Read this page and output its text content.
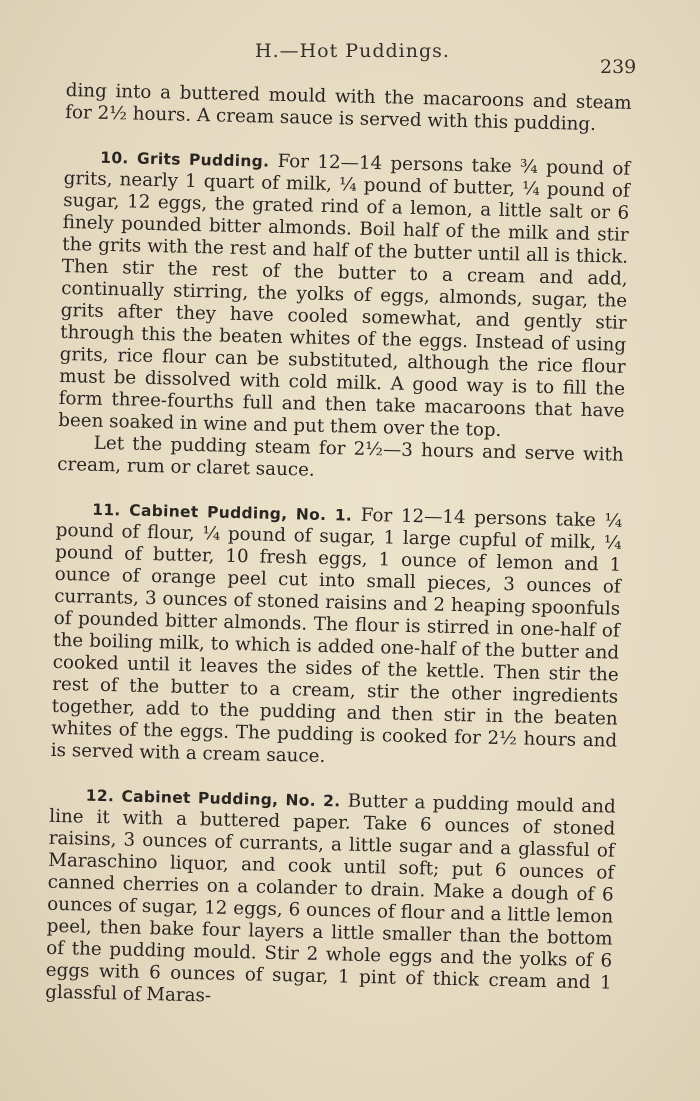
H.—Hot Puddings.
239

ding into a buttered mould with the macaroons and steam for 2½ hours. A cream sauce is served with this pudding.

10. Grits Pudding. For 12—14 persons take ¾ pound of grits, nearly 1 quart of milk, ¼ pound of butter, ¼ pound of sugar, 12 eggs, the grated rind of a lemon, a little salt or 6 finely pounded bitter almonds. Boil half of the milk and stir the grits with the rest and half of the butter until all is thick. Then stir the rest of the butter to a cream and add, continually stirring, the yolks of eggs, almonds, sugar, the grits after they have cooled somewhat, and gently stir through this the beaten whites of the eggs. Instead of using grits, rice flour can be substituted, although the rice flour must be dissolved with cold milk. A good way is to fill the form three-fourths full and then take macaroons that have been soaked in wine and put them over the top.

Let the pudding steam for 2½—3 hours and serve with cream, rum or claret sauce.

11. Cabinet Pudding, No. 1. For 12—14 persons take ¼ pound of flour, ¼ pound of sugar, 1 large cupful of milk, ¼ pound of butter, 10 fresh eggs, 1 ounce of lemon and 1 ounce of orange peel cut into small pieces, 3 ounces of currants, 3 ounces of stoned raisins and 2 heaping spoonfuls of pounded bitter almonds. The flour is stirred in one-half of the boiling milk, to which is added one-half of the butter and cooked until it leaves the sides of the kettle. Then stir the rest of the butter to a cream, stir the other ingredients together, add to the pudding and then stir in the beaten whites of the eggs. The pudding is cooked for 2½ hours and is served with a cream sauce.

12. Cabinet Pudding, No. 2. Butter a pudding mould and line it with a buttered paper. Take 6 ounces of stoned raisins, 3 ounces of currants, a little sugar and a glassful of Maraschino liquor, and cook until soft; put 6 ounces of canned cherries on a colander to drain. Make a dough of 6 ounces of sugar, 12 eggs, 6 ounces of flour and a little lemon peel, then bake four layers a little smaller than the bottom of the pudding mould. Stir 2 whole eggs and the yolks of 6 eggs with 6 ounces of sugar, 1 pint of thick cream and 1 glassful of Maras-
